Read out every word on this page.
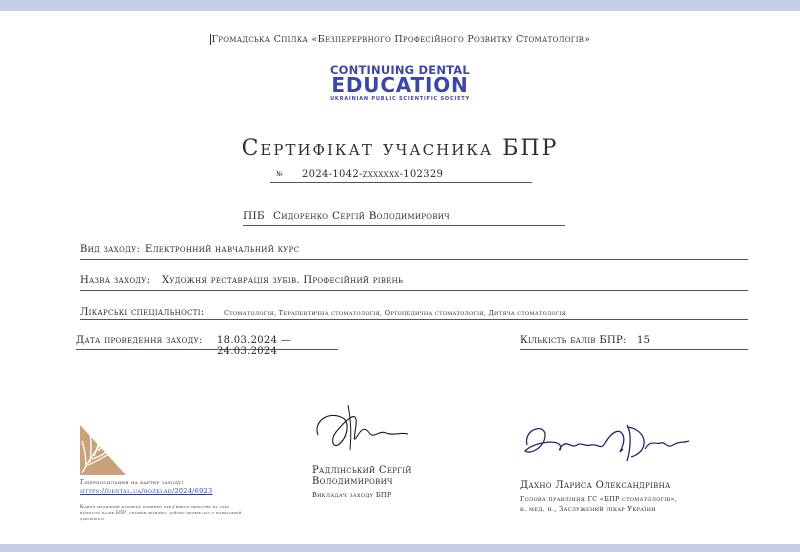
Громадська Спілка «Безперервного Професійного Розвитку Стоматологів»
CONTINUING DENTAL
EDUCATION
UKRAINIAN PUBLIC SCIENTIFIC SOCIETY
Сертифікат учасника БПР
№ 2024-1042-zxxxxxx-102329
ПІБ Сидоренко Сергій Володимирович
Вид заходу: Електронний навчальний курс
Назва заходу: Художня реставрація зубів. Професійний рівень
Лікарські спеціальності:	Стоматологія, Терапевтична стоматологія, Ортопедична стоматологія, Дитяча стоматологія
Дата проведення заходу: 18.03.2024 — 24.03.2024
Кількість балів БПР: 15
Гіперпосилання на картку заходу:
https://dental.ua/rozklad/2024/6923
Кожен медичний фахівець повинен пред'явити зворотне на таку кількість балів БПР, скільки фізично, дійсно провів час у навчальній діяльності
Радлінський Сергій
Володимирович
Викладач заходу БПР
Дахно Лариса Олександрівна
Голова правління ГС «БПР стоматологів»,
к. мед. н., Заслужений лікар України
